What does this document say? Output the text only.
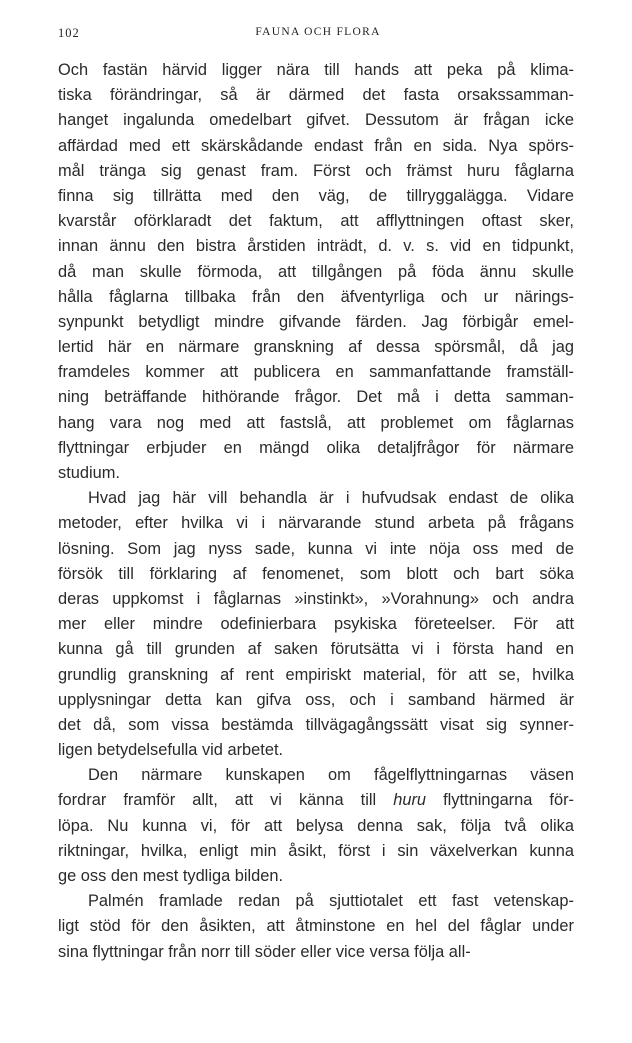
102	FAUNA OCH FLORA
Och fastän härvid ligger nära till hands att peka på klima-
tiska förändringar, så är därmed det fasta orsakssamman-
hanget ingalunda omedelbart gifvet. Dessutom är frågan icke
affärdad med ett skärskådande endast från en sida. Nya spörs-
mål tränga sig genast fram. Först och främst huru fåglarna
finna sig tillrätta med den väg, de tillryggalägga. Vidare
kvarstår oförklaradt det faktum, att afflyttningen oftast sker,
innan ännu den bistra årstiden inträdt, d. v. s. vid en tidpunkt,
då man skulle förmoda, att tillgången på föda ännu skulle
hålla fåglarna tillbaka från den äfventyrliga och ur närings-
synpunkt betydligt mindre gifvande färden. Jag förbigår emel-
lertid här en närmare granskning af dessa spörsmål, då jag
framdeles kommer att publicera en sammanfattande framställ-
ning beträffande hithörande frågor. Det må i detta samman-
hang vara nog med att fastslå, att problemet om fåglarnas
flyttningar erbjuder en mängd olika detaljfrågor för närmare
studium.
Hvad jag här vill behandla är i hufvudsak endast de olika
metoder, efter hvilka vi i närvarande stund arbeta på frågans
lösning. Som jag nyss sade, kunna vi inte nöja oss med de
försök till förklaring af fenomenet, som blott och bart söka
deras uppkomst i fåglarnas »instinkt», »Vorahnung» och andra
mer eller mindre odefinierbara psykiska företeelser. För att
kunna gå till grunden af saken förutsätta vi i första hand en
grundlig granskning af rent empiriskt material, för att se, hvilka
upplysningar detta kan gifva oss, och i samband härmed är
det då, som vissa bestämda tillvägagångssätt visat sig synner-
ligen betydelsefulla vid arbetet.
Den närmare kunskapen om fågelflyttningarnas väsen
fordrar framför allt, att vi känna till huru flyttningarna för-
löpa. Nu kunna vi, för att belysa denna sak, följa två olika
riktningar, hvilka, enligt min åsikt, först i sin växelverkan kunna
ge oss den mest tydliga bilden.
Palmén framlade redan på sjuttiotalet ett fast vetenskap-
ligt stöd för den åsikten, att åtminstone en hel del fåglar under
sina flyttningar från norr till söder eller vice versa följa all-
